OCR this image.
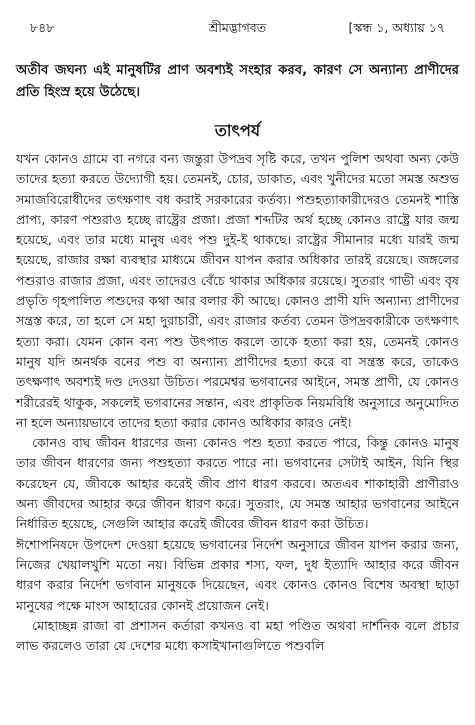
৮৪৮	শ্রীমদ্ভাগবত	[স্কন্ধ ১, অধ্যায় ১৭
অতীব জঘন্য এই মানুষটির প্রাণ অবশ্যই সংহার করব, কারণ সে অন্যান্য প্রাণীদের প্রতি হিংস্র হয়ে উঠেছে।
তাৎপর্য

যখন কোনও গ্রামে বা নগরে বন্য জন্তুরা উপদ্রব সৃষ্টি করে, তখন পুলিশ অথবা অন্য কেউ তাদের হত্যা করতে উদ্যোগী হয়। তেমনই, চোর, ডাকাত, এবং খুনীদের মতো সমস্ত অশুভ সমাজবিরোধীদের তৎক্ষণাৎ বধ করাই সরকারের কর্তব্য। পশুহত্যাকারীদেরও তেমনই শাস্তি প্রাপ্য, কারণ পশুরাও হচ্ছে রাষ্ট্রের প্রজা। প্রজা শব্দটির অর্থ হচ্ছে কোনও রাষ্ট্রে যার জন্ম হয়েছে, এবং তার মধ্যে মানুষ এবং পশু দুই-ই থাকছে। রাষ্ট্রের সীমানার মধ্যে যারই জন্ম হয়েছে, রাজার রক্ষা ব্যবস্থার মাধ্যমে জীবন যাপন করার অধিকার তারই রয়েছে। জঙ্গলের পশুরাও রাজার প্রজা, এবং তাদেরও বেঁচে থাকার অধিকার রয়েছে। সুতরাং গাভী এবং বৃষ প্রভৃতি গৃহপালিত পশুদের কথা আর বলার কী আছে। কোনও প্রাণী যদি অন্যান্য প্রাণীদের সন্ত্রস্ত করে, তা হলে সে মহা দুরাচারী, এবং রাজার কর্তব্য তেমন উপদ্রবকারীকে তৎক্ষণাৎ হত্যা করা। যেমন কোন বন্য পশু উৎপাত করলে তাকে হত্যা করা হয়, তেমনই কোনও মানুষ যদি অনর্থক বনের পশু বা অন্যান্য প্রাণীদের হত্যা করে বা সন্ত্রস্ত করে, তাকেও তৎক্ষণাৎ অবশ্যই দণ্ড দেওয়া উচিত। পরমেশ্বর ভগবানের আইনে, সমস্ত প্রাণী, যে কোনও শরীরেরই থাকুক, সকলেই ভগবানের সন্তান, এবং প্রাকৃতিক নিয়মবিধি অনুসারে অনুমোদিত না হলে অন্যায়ভাবে তাদের হত্যা করার কোনও অধিকার কারও নেই।

কোনও বাঘ জীবন ধারণের জন্য কোনও পশু হত্যা করতে পারে, কিন্তু কোনও মানুষ তার জীবন ধারণের জন্য পশুহত্যা করতে পারে না। ভগবানের সেটাই আইন, যিনি স্থির করেছেন যে, জীবকে আহার করেই জীব প্রাণ ধারণ করবে। অতএব শাকাহারী প্রাণীরাও অন্য জীবদের আহার করে জীবন ধারণ করে। সুতরাং, যে সমস্ত আহার ভগবানের আইনে নির্ধারিত হয়েছে, সেগুলি আহার করেই জীবের জীবন ধারণ করা উচিত।

ঈশোপনিষদে উপদেশ দেওয়া হয়েছে ভগবানের নির্দেশ অনুসারে জীবন যাপন করার জন্য, নিজের খেয়ালখুশি মতো নয়। বিভিন্ন প্রকার শস্য, ফল, দুধ ইত্যাদি আহার করে জীবন ধারণ করার নির্দেশ ভগবান মানুষকে দিয়েছেন, এবং কোনও কোনও বিশেষ অবস্থা ছাড়া মানুষের পক্ষে মাংস আহারের কোনই প্রয়োজন নেই।

মোহাচ্ছন্ন রাজা বা প্রশাসন কর্তারা কখনও বা মহা পণ্ডিত অথবা দার্শনিক বলে প্রচার লাভ করলেও তারা যে দেশের মধ্যে কসাইখানাগুলিতে পশুবলি
